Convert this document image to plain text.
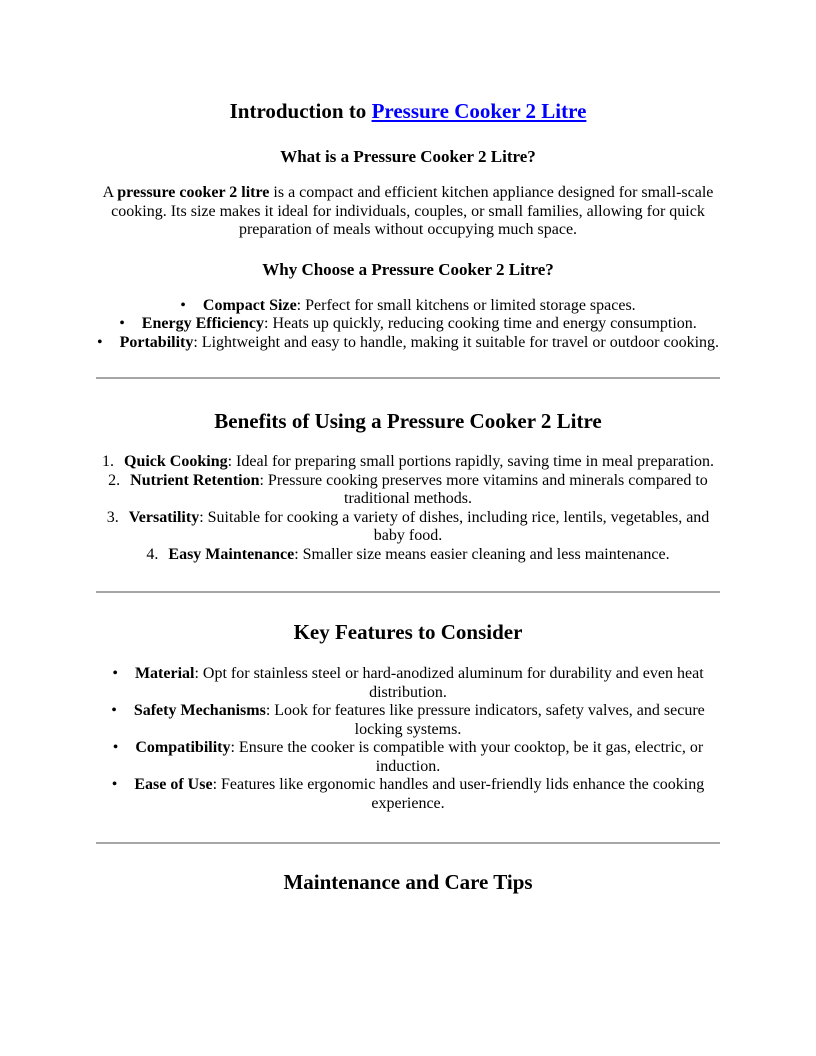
Introduction to Pressure Cooker 2 Litre
What is a Pressure Cooker 2 Litre?

A pressure cooker 2 litre is a compact and efficient kitchen appliance designed for small-scale cooking. Its size makes it ideal for individuals, couples, or small families, allowing for quick preparation of meals without occupying much space.

Why Choose a Pressure Cooker 2 Litre?
• Compact Size: Perfect for small kitchens or limited storage spaces.
• Energy Efficiency: Heats up quickly, reducing cooking time and energy consumption.
• Portability: Lightweight and easy to handle, making it suitable for travel or outdoor cooking.
Benefits of Using a Pressure Cooker 2 Litre
1. Quick Cooking: Ideal for preparing small portions rapidly, saving time in meal preparation.
2. Nutrient Retention: Pressure cooking preserves more vitamins and minerals compared to traditional methods.
3. Versatility: Suitable for cooking a variety of dishes, including rice, lentils, vegetables, and baby food.
4. Easy Maintenance: Smaller size means easier cleaning and less maintenance.
Key Features to Consider
• Material: Opt for stainless steel or hard-anodized aluminum for durability and even heat distribution.
• Safety Mechanisms: Look for features like pressure indicators, safety valves, and secure locking systems.
• Compatibility: Ensure the cooker is compatible with your cooktop, be it gas, electric, or induction.
• Ease of Use: Features like ergonomic handles and user-friendly lids enhance the cooking experience.
Maintenance and Care Tips
